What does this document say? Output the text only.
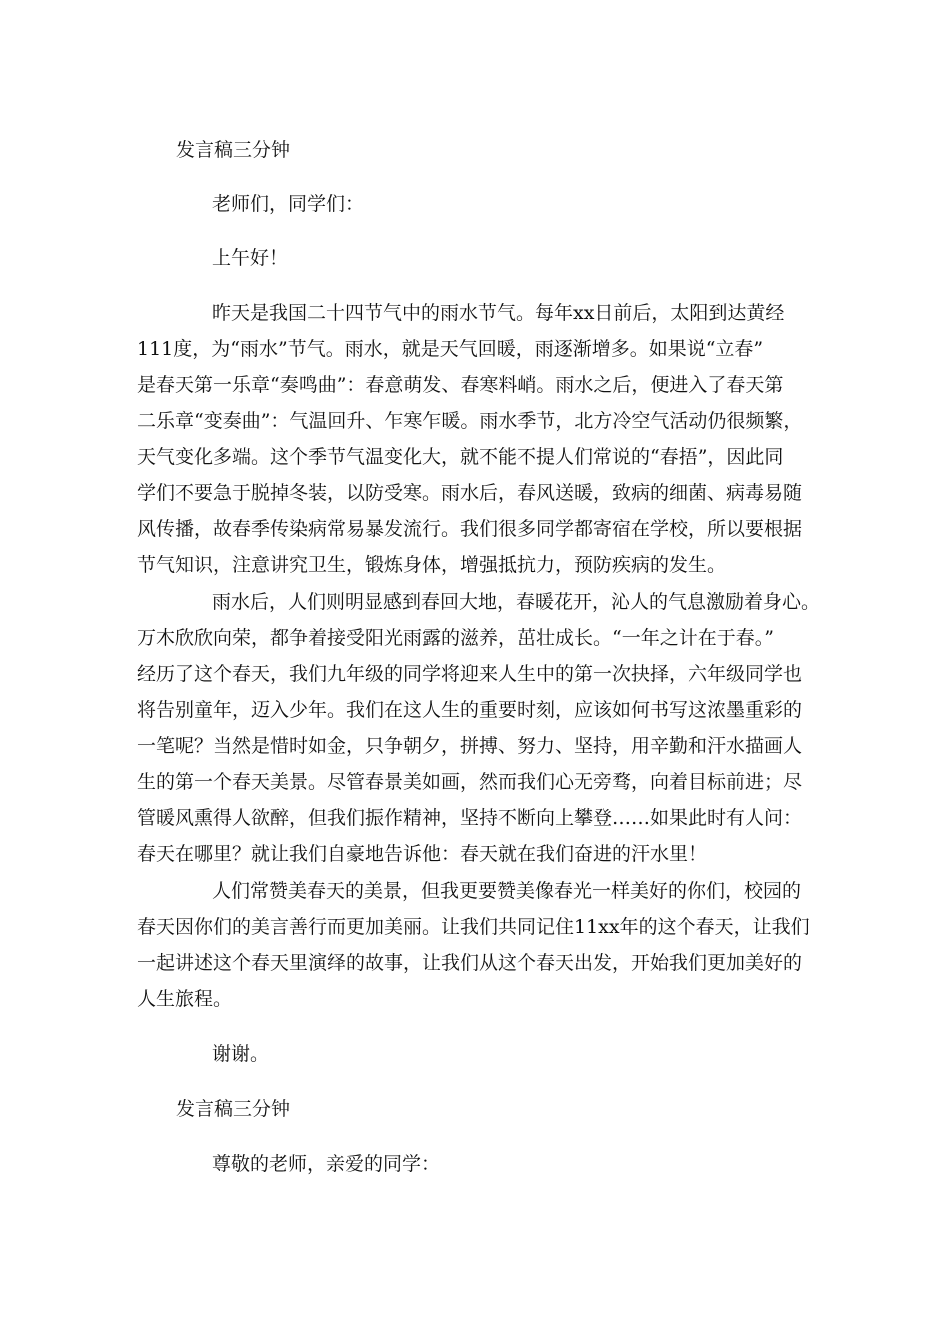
发言稿三分钟

老师们，同学们：

上午好！

昨天是我国二十四节气中的雨水节气。每年xx日前后，太阳到达黄经

111度，为“雨水”节气。雨水，就是天气回暖，雨逐渐增多。如果说“立春”

是春天第一乐章“奏鸣曲”：春意萌发、春寒料峭。雨水之后，便进入了春天第

二乐章“变奏曲”：气温回升、乍寒乍暖。雨水季节，北方冷空气活动仍很频繁，

天气变化多端。这个季节气温变化大，就不能不提人们常说的“春捂”，因此同

学们不要急于脱掉冬装，以防受寒。雨水后，春风送暖，致病的细菌、病毒易随

风传播，故春季传染病常易暴发流行。我们很多同学都寄宿在学校，所以要根据

节气知识，注意讲究卫生，锻炼身体，增强抵抗力，预防疾病的发生。

雨水后，人们则明显感到春回大地，春暖花开，沁人的气息激励着身心。

万木欣欣向荣，都争着接受阳光雨露的滋养，茁壮成长。“一年之计在于春。”

经历了这个春天，我们九年级的同学将迎来人生中的第一次抉择，六年级同学也

将告别童年，迈入少年。我们在这人生的重要时刻，应该如何书写这浓墨重彩的

一笔呢？当然是惜时如金，只争朝夕，拼搏、努力、坚持，用辛勤和汗水描画人

生的第一个春天美景。尽管春景美如画，然而我们心无旁骛，向着目标前进；尽

管暖风熏得人欲醉，但我们振作精神，坚持不断向上攀登……如果此时有人问：

春天在哪里？就让我们自豪地告诉他：春天就在我们奋进的汗水里！

人们常赞美春天的美景，但我更要赞美像春光一样美好的你们，校园的

春天因你们的美言善行而更加美丽。让我们共同记住11xx年的这个春天，让我们

一起讲述这个春天里演绎的故事，让我们从这个春天出发，开始我们更加美好的

人生旅程。

谢谢。

发言稿三分钟

尊敬的老师，亲爱的同学：
